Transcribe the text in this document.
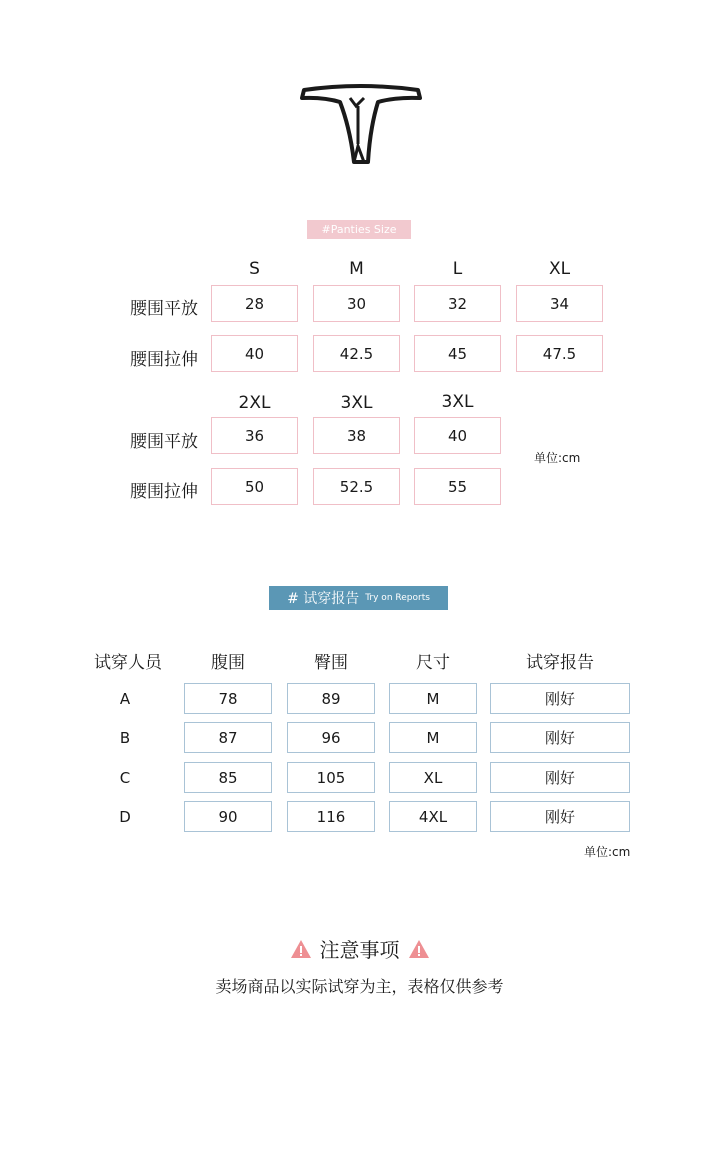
#Panties Size
S	M	L	XL
腰围平放	28	30	32	34
腰围拉伸	40	42.5	45	47.5
2XL	3XL	3XL
腰围平放	36	38	40
腰围拉伸	50	52.5	55
单位:cm
# 试穿报告 Try on Reports
试穿人员	腹围	臀围	尺寸	试穿报告
A	78	89	M	刚好
B	87	96	M	刚好
C	85	105	XL	刚好
D	90	116	4XL	刚好
单位:cm
注意事项
卖场商品以实际试穿为主，表格仅供参考
